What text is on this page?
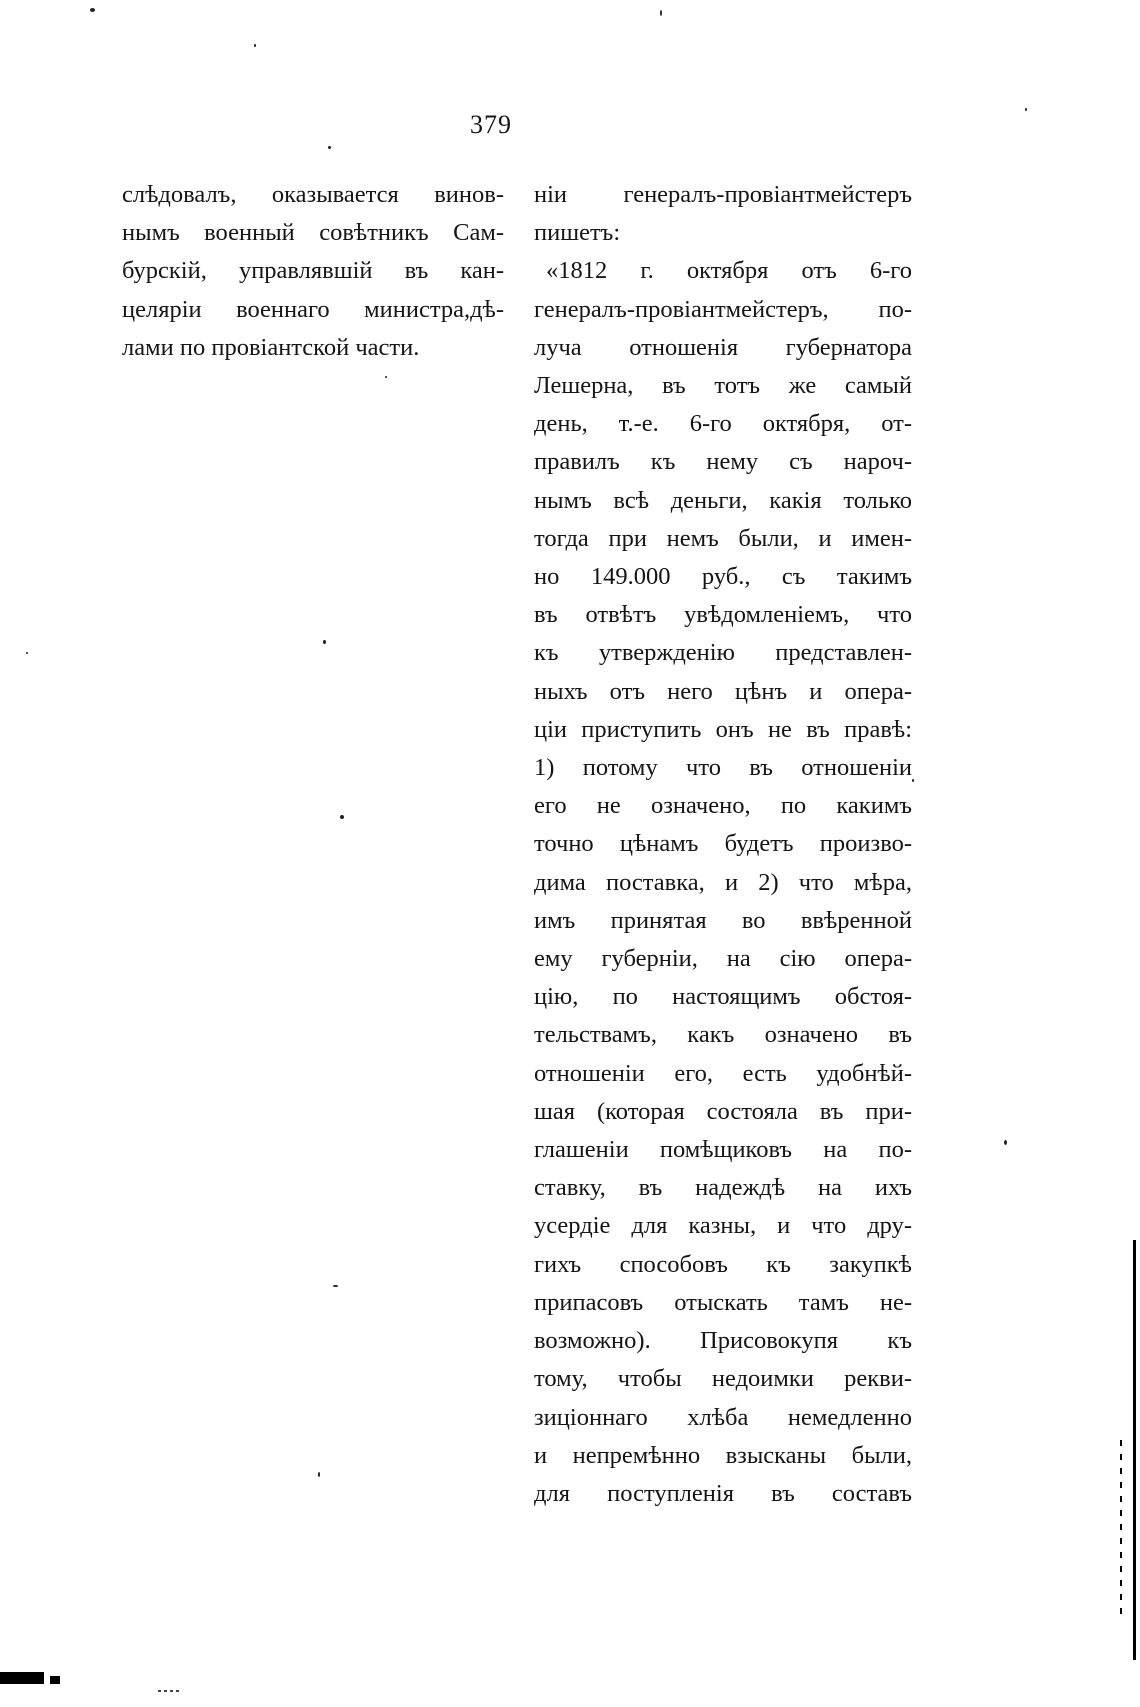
379
слѣдовалъ, оказывается винов-
нымъ военный совѣтникъ Сам-
бурскій, управлявшій въ кан-
целяріи военнаго министра,дѣ-
лами по провіантской части.
ніи генералъ-провіантмейстеръ
пишетъ:
«1812 г. октября отъ 6-го
генералъ-провіантмейстеръ, по-
луча отношенія губернатора
Лешерна, въ тотъ же самый
день, т.-е. 6-го октября, от-
правилъ къ нему съ нароч-
нымъ всѣ деньги, какія только
тогда при немъ были, и имен-
но 149.000 руб., съ такимъ
въ отвѣтъ увѣдомленіемъ, что
къ утвержденію представлен-
ныхъ отъ него цѣнъ и опера-
ціи приступить онъ не въ правѣ:
1) потому что въ отношеніи
его не означено, по какимъ
точно цѣнамъ будетъ произво-
дима поставка, и 2) что мѣра,
имъ принятая во ввѣренной
ему губерніи, на сію опера-
цію, по настоящимъ обстоя-
тельствамъ, какъ означено въ
отношеніи его, есть удобнѣй-
шая (которая состояла въ при-
глашеніи помѣщиковъ на по-
ставку, въ надеждѣ на ихъ
усердіе для казны, и что дру-
гихъ способовъ къ закупкѣ
припасовъ отыскать тамъ не-
возможно). Присовокупя къ
тому, чтобы недоимки рекви-
зиціоннаго хлѣба немедленно
и непремѣнно взысканы были,
для поступленія въ составъ
